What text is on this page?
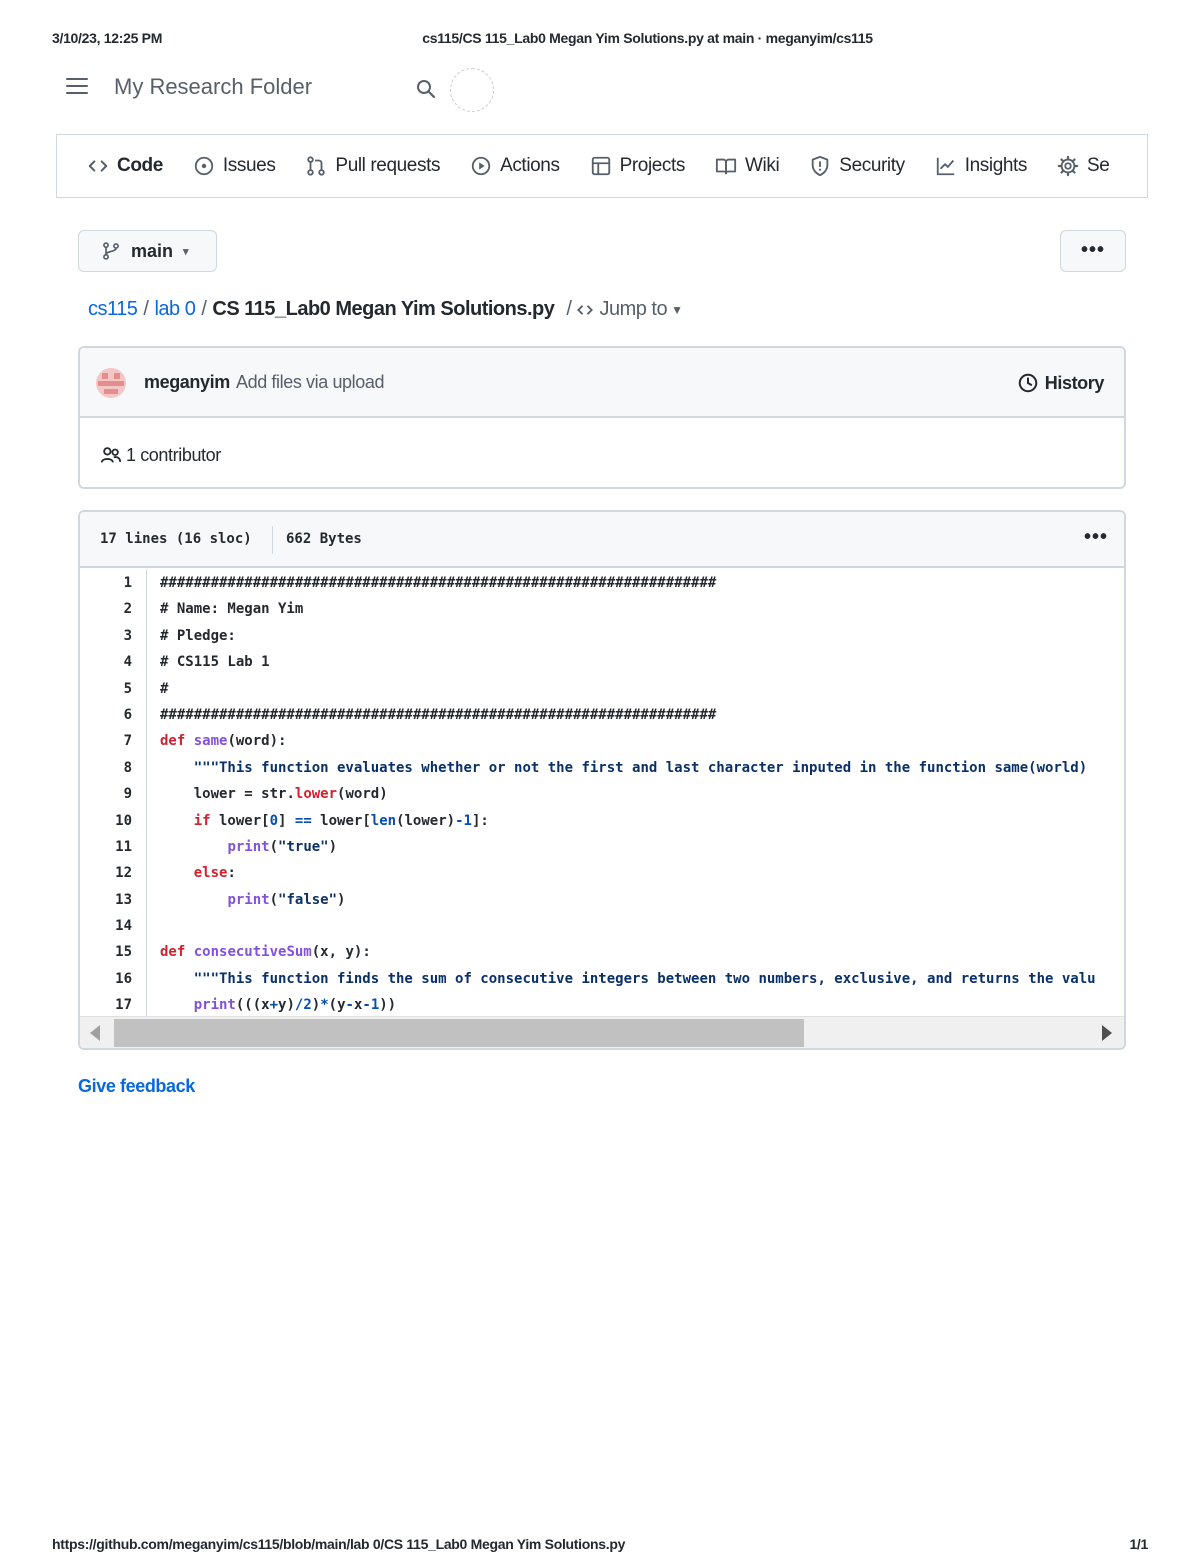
3/10/23, 12:25 PM	cs115/CS 115_Lab0 Megan Yim Solutions.py at main · meganyim/cs115
My Research Folder
Code	Issues	Pull requests	Actions	Projects	Wiki	Security	Insights	Se
main ▾	•••
cs115 / lab 0 / CS 115_Lab0 Megan Yim Solutions.py / Jump to ▼
meganyim Add files via upload	History
1 contributor
17 lines (16 sloc) 662 Bytes	•••
1 ##################################################################
2 # Name: Megan Yim
3 # Pledge:
4 # CS115 Lab 1
5 #
6 ##################################################################
7 def same(word):
8	"""This function evaluates whether or not the first and last character inputed in the function same(world)
9	lower = str.lower(word)
10	if lower[0] == lower[len(lower)-1]:
11	print("true")
12	else:
13	print("false")
14
15 def consecutiveSum(x, y):
16	"""This function finds the sum of consecutive integers between two numbers, exclusive, and returns the valu
17	print(((x+y)/2)*(y-x-1))
Give feedback
https://github.com/meganyim/cs115/blob/main/lab 0/CS 115_Lab0 Megan Yim Solutions.py	1/1
